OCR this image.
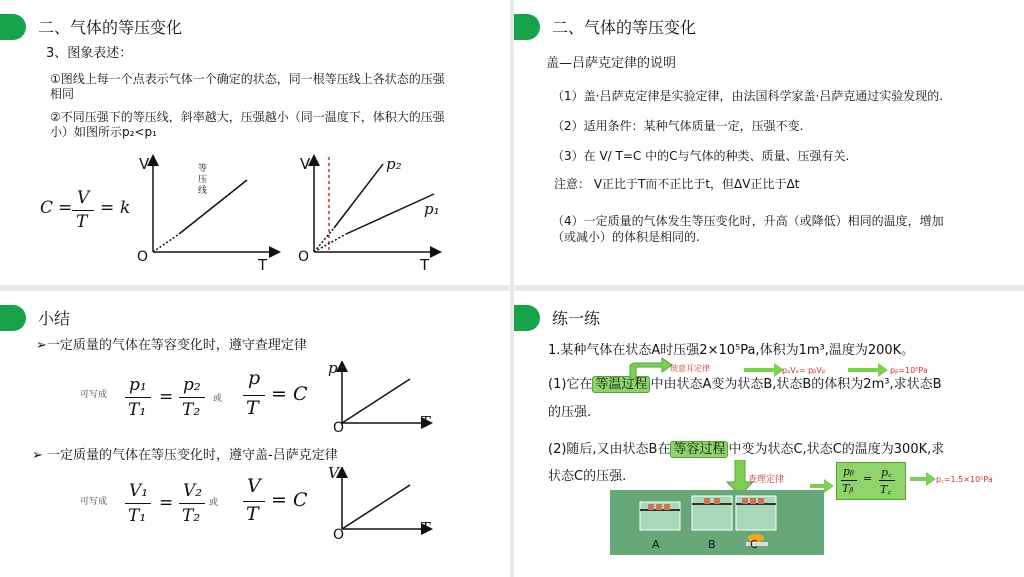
二、气体的等压变化
3、图象表述：
①图线上每一个点表示气体一个确定的状态，同一根等压线上各状态的压强
相同
②不同压强下的等压线，斜率越大，压强越小（同一温度下，体积大的压强
小）如图所示p₂<p₁
C = V
T
= k
V
T
O
等压线
V
T
O
p₂
p₁
二、气体的等压变化
盖—吕萨克定律的说明
（1）盖·吕萨克定律是实验定律，由法国科学家盖·吕萨克通过实验发现的.
（2）适用条件：某种气体质量一定，压强不变.
（3）在 V/ T=C 中的C与气体的种类、质量、压强有关.
注意： V正比于T而不正比于t，但ΔV正比于Δt
（4）一定质量的气体发生等压变化时，升高（或降低）相同的温度，增加
（或减小）的体积是相同的.
小结
➢一定质量的气体在等容变化时，遵守查理定律
可写成 p₁
T₁
=
p₂
T₂
或
p
T
= C
p
T
O
➢ 一定质量的气体在等压变化时，遵守盖-吕萨克定律
可写成
V₁
T₁
=
V₂
T₂
或
V
T
= C
V
T
O
练一练
1.某种气体在状态A时压强2×10⁵Pa,体积为1m³,温度为200K。
(1)它在 等温过程 中由状态A变为状态B,状态B的体积为2m³,求状态B
的压强.
(2)随后,又由状态B在 等容过程 中变为状态C,状态C的温度为300K,求
状态C的压强.
玻意耳定律	pₐVₐ= pᵦVᵦ	pᵦ=10⁵Pa
查理定律
pᵦ
Tᵦ
= p꜀
T꜀
p꜀=1.5×10⁵Pa
A	B	C
